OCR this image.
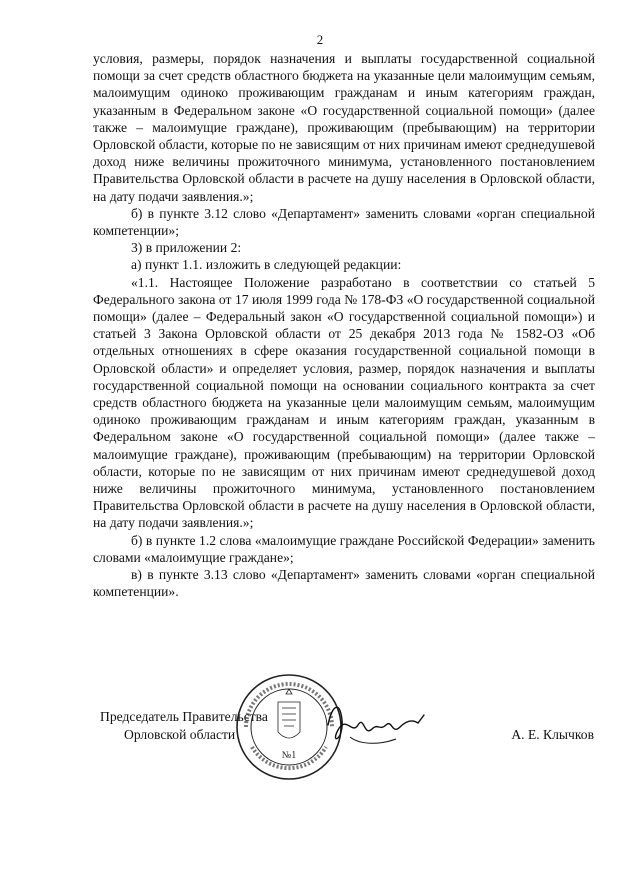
2

условия, размеры, порядок назначения и выплаты государственной социальной помощи за счет средств областного бюджета на указанные цели малоимущим семьям, малоимущим одиноко проживающим гражданам и иным категориям граждан, указанным в Федеральном законе «О государственной социальной помощи» (далее также – малоимущие граждане), проживающим (пребывающим) на территории Орловской области, которые по не зависящим от них причинам имеют среднедушевой доход ниже величины прожиточного минимума, установленного постановлением Правительства Орловской области в расчете на душу населения в Орловской области, на дату подачи заявления.»;

б) в пункте 3.12 слово «Департамент» заменить словами «орган специальной компетенции»;

3) в приложении 2:

а) пункт 1.1. изложить в следующей редакции:

«1.1. Настоящее Положение разработано в соответствии со статьей 5 Федерального закона от 17 июля 1999 года № 178-ФЗ «О государственной социальной помощи» (далее – Федеральный закон «О государственной социальной помощи») и статьей 3 Закона Орловской области от 25 декабря 2013 года № 1582-ОЗ «Об отдельных отношениях в сфере оказания государственной социальной помощи в Орловской области» и определяет условия, размер, порядок назначения и выплаты государственной социальной помощи на основании социального контракта за счет средств областного бюджета на указанные цели малоимущим семьям, малоимущим одиноко проживающим гражданам и иным категориям граждан, указанным в Федеральном законе «О государственной социальной помощи» (далее также – малоимущие граждане), проживающим (пребывающим) на территории Орловской области, которые по не зависящим от них причинам имеют среднедушевой доход ниже величины прожиточного минимума, установленного постановлением Правительства Орловской области в расчете на душу населения в Орловской области, на дату подачи заявления.»;

б) в пункте 1.2 слова «малоимущие граждане Российской Федерации» заменить словами «малоимущие граждане»;

в) в пункте 3.13 слово «Департамент» заменить словами «орган специальной компетенции».

№1
Председатель Правительства
Орловской области	А. Е. Клычков
